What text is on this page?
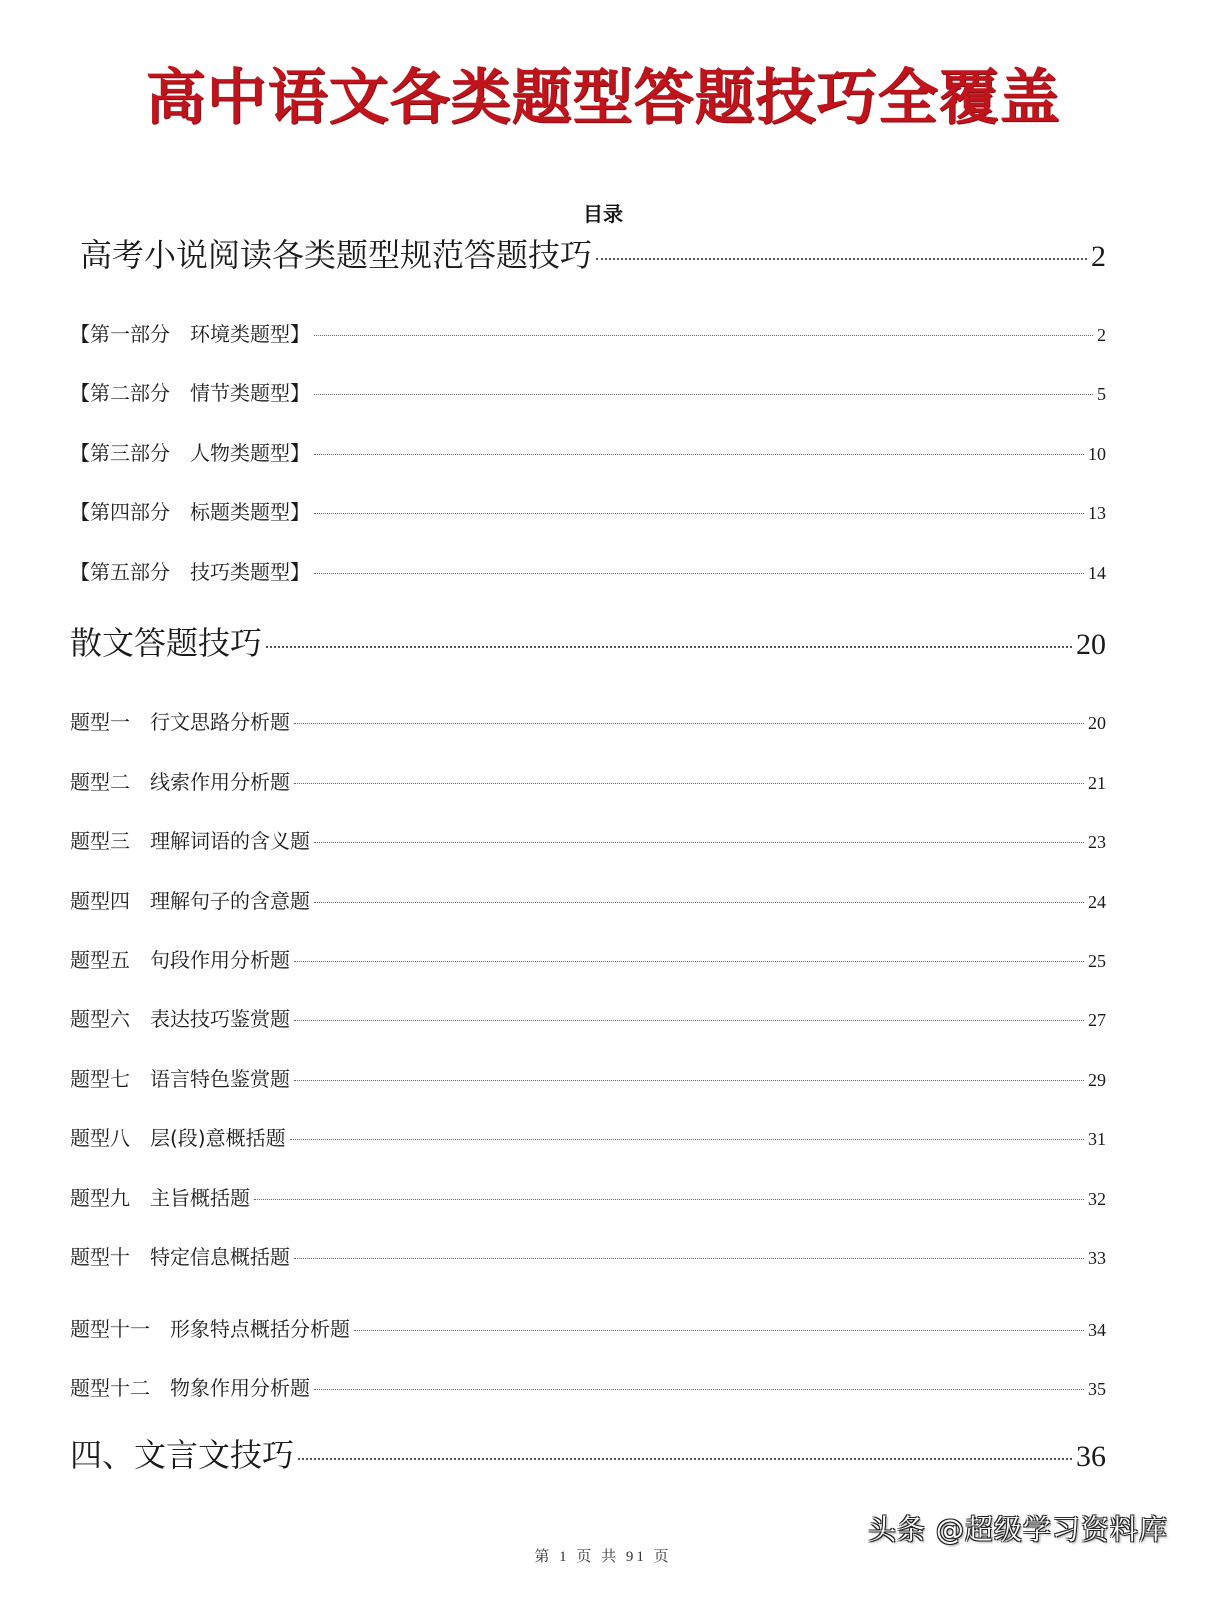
高中语文各类题型答题技巧全覆盖
目录
高考小说阅读各类题型规范答题技巧	2
【第一部分 环境类题型】	2
【第二部分 情节类题型】	5
【第三部分 人物类题型】	10
【第四部分 标题类题型】	13
【第五部分 技巧类题型】	14
散文答题技巧	20
题型一 行文思路分析题	20
题型二 线索作用分析题	21
题型三 理解词语的含义题	23
题型四 理解句子的含意题	24
题型五 句段作用分析题	25
题型六 表达技巧鉴赏题	27
题型七 语言特色鉴赏题	29
题型八 层(段)意概括题	31
题型九 主旨概括题	32
题型十 特定信息概括题	33
题型十一 形象特点概括分析题	34
题型十二 物象作用分析题	35
四、文言文技巧	36
头条 @超级学习资料库
第 1 页 共 91 页
